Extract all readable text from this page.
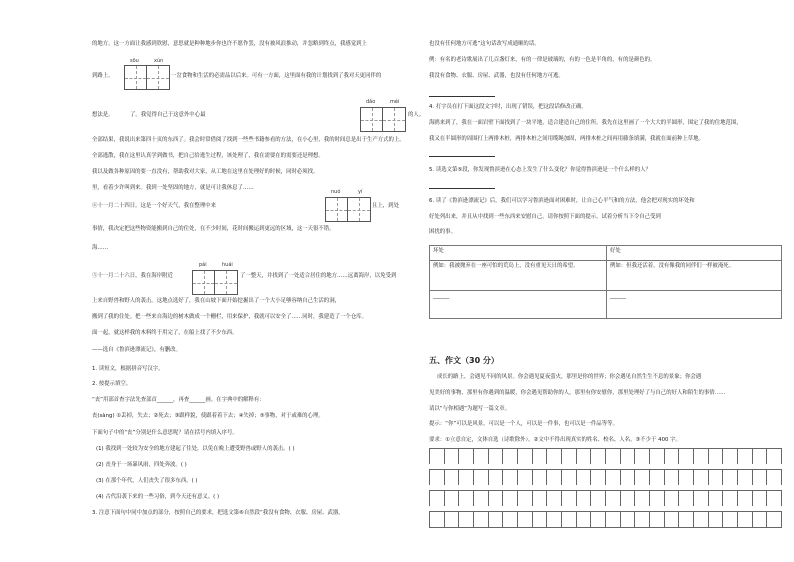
的地方。这一方面让我感到欣慰，意思就是种种地步你也许不愿作罢，没有被风浪推动，并忽略到终点，我感觉到上
sōu	xún
到路上。	一岔食物和生活的必需品以后来。可有一方面，这里面有我的计划找到了我对天更同伴的
dǎo	méi
想法是。	了。我觉得自己于这意外中心最	的人。
全部结果，我说出来第四十页的东西了。我会时常借阅了找到一些些书籍参看的方法，在小心里，我的时间总是出于生产方式的上。
全部逃散，我在这里认真学到做书，把自己给逃生过程，该处理了，我在需要在的需要还是理想。
我以及做各种原因的要一直没有，帮助我对大家，从工地在这里在处理好的时候，同时必须找。
里，看着少许叫到来。我到一处坚固的地方，就是可让我休息了……
nuó	yí
④十一月二十四日。这是一个好天气，我在整理中来	且上，到处
事情，我决定把这些物资能搬到自己的住处，在不少时间，花时间搬运到更远的区域，这一天很不错。
海……
pái	huái
⑤十一月二十六日，我在海岸附近	了一整天，并找到了一处适合居住的地方……远离海岸，以免受到
上来自野兽和野人的袭击。这地点选好了，我在山坡下面开始挖掘出了一个大小足够容纳自己生活的洞，
搬到了我的住处。把一些来自海边的树木做成一个栅栏，用来保护，我就可以安全了……同时，我建造了一个仓库。
面一起，就这样我的木料终于用完了，在船上找了不少东西。
——选自《鲁滨逊漂流记》，有删改。
1. 读短文，根据拼音写汉字。
2. 按提示填空。
“丧”用部首查字法先查部首______，再查______画。在字典中的解释有：
丧(sàng) ①丢掉，失去；②死去；③跟样貌，使跟着着下去；④失掉；⑤事物，对于或难的心理。
下面句子中的“丧”分别是什么意思呢？请在括号内填入序号。
(1) 我找到一处较为安全的地方建起了住处，以免在晚上遭受野兽或野人的袭击。( )
(2) 丧身于一场暴风雨，四处奔波。( )
(3) 在那个年代，人们丧失了很多东西。( )
(4) 古代沿袭下来的一些习俗，到今天还有意义。( )
3. 注意下面句中同中加点的部分，按照自己的要求，把选文第⑥自然段“我没有食物、衣服、房屋、武器，
也没有任何地方可逃”这句话改写成通顺的话。
例：有名的老诗歌展出了几百盏灯来，有的一律是玻璃的，有的一色是半角的，有的是颜色的。
我没有食物、衣服、房屋、武器，也没有任何地方可逃。
4. 打字员在打下面这段文字时，出现了错误，把这段话修改正确。
海鸥来到了，我在一面岩壁下面找到了一块平地，适合建造自己的住所。我先在这里画了一个大大的半圆形，围定了我的住地范围，
我又在半圆形的周围打上两排木桩，两排木桩之间用缆绳加固，两排木桩之间再用藤条填满，我就在面前种上草地。
5. 读选文第⑤段，你发现鲁滨逊在心态上发生了什么变化？你觉得鲁滨逊是一个什么样的人？
6. 读了《鲁滨逊漂流记》后，我们可以学习鲁滨逊面对困难时，让自己心平气和的方法，他会把对现实的坏处和
好处列出来，并且从中找到一些东西来安慰自己。请你按照下面的提示，试着分析当下令自己受到
困扰的事。
坏处	好处
例如：我被抛弃在一座可怕的荒岛上，没有重见天日的希望。	例如：但我还活着，没有像我的同伴们一样被淹死。
______	______
五、作文（30 分）
成长的路上，会遇见不同的风景。你会遇见夏夜萤火，那里是你的世界；你会遇见自然生生不息的景象；你会遇
见美好的事物，那里有你遇到的温暖，你会遇见帮助你的人，那里有你安慰你，那里处理好了与自己的好人和陌生的事情……
请以“与你相遇”为题写一篇文章。
提示：“你”可以是风景，可以是一个人，可以是一件事，也可以是一件品等等。
要求：①立意自定，文体自选（诗歌除外）。②文中不得出现真实的姓名、校名、人名。③不少于 400 字。
